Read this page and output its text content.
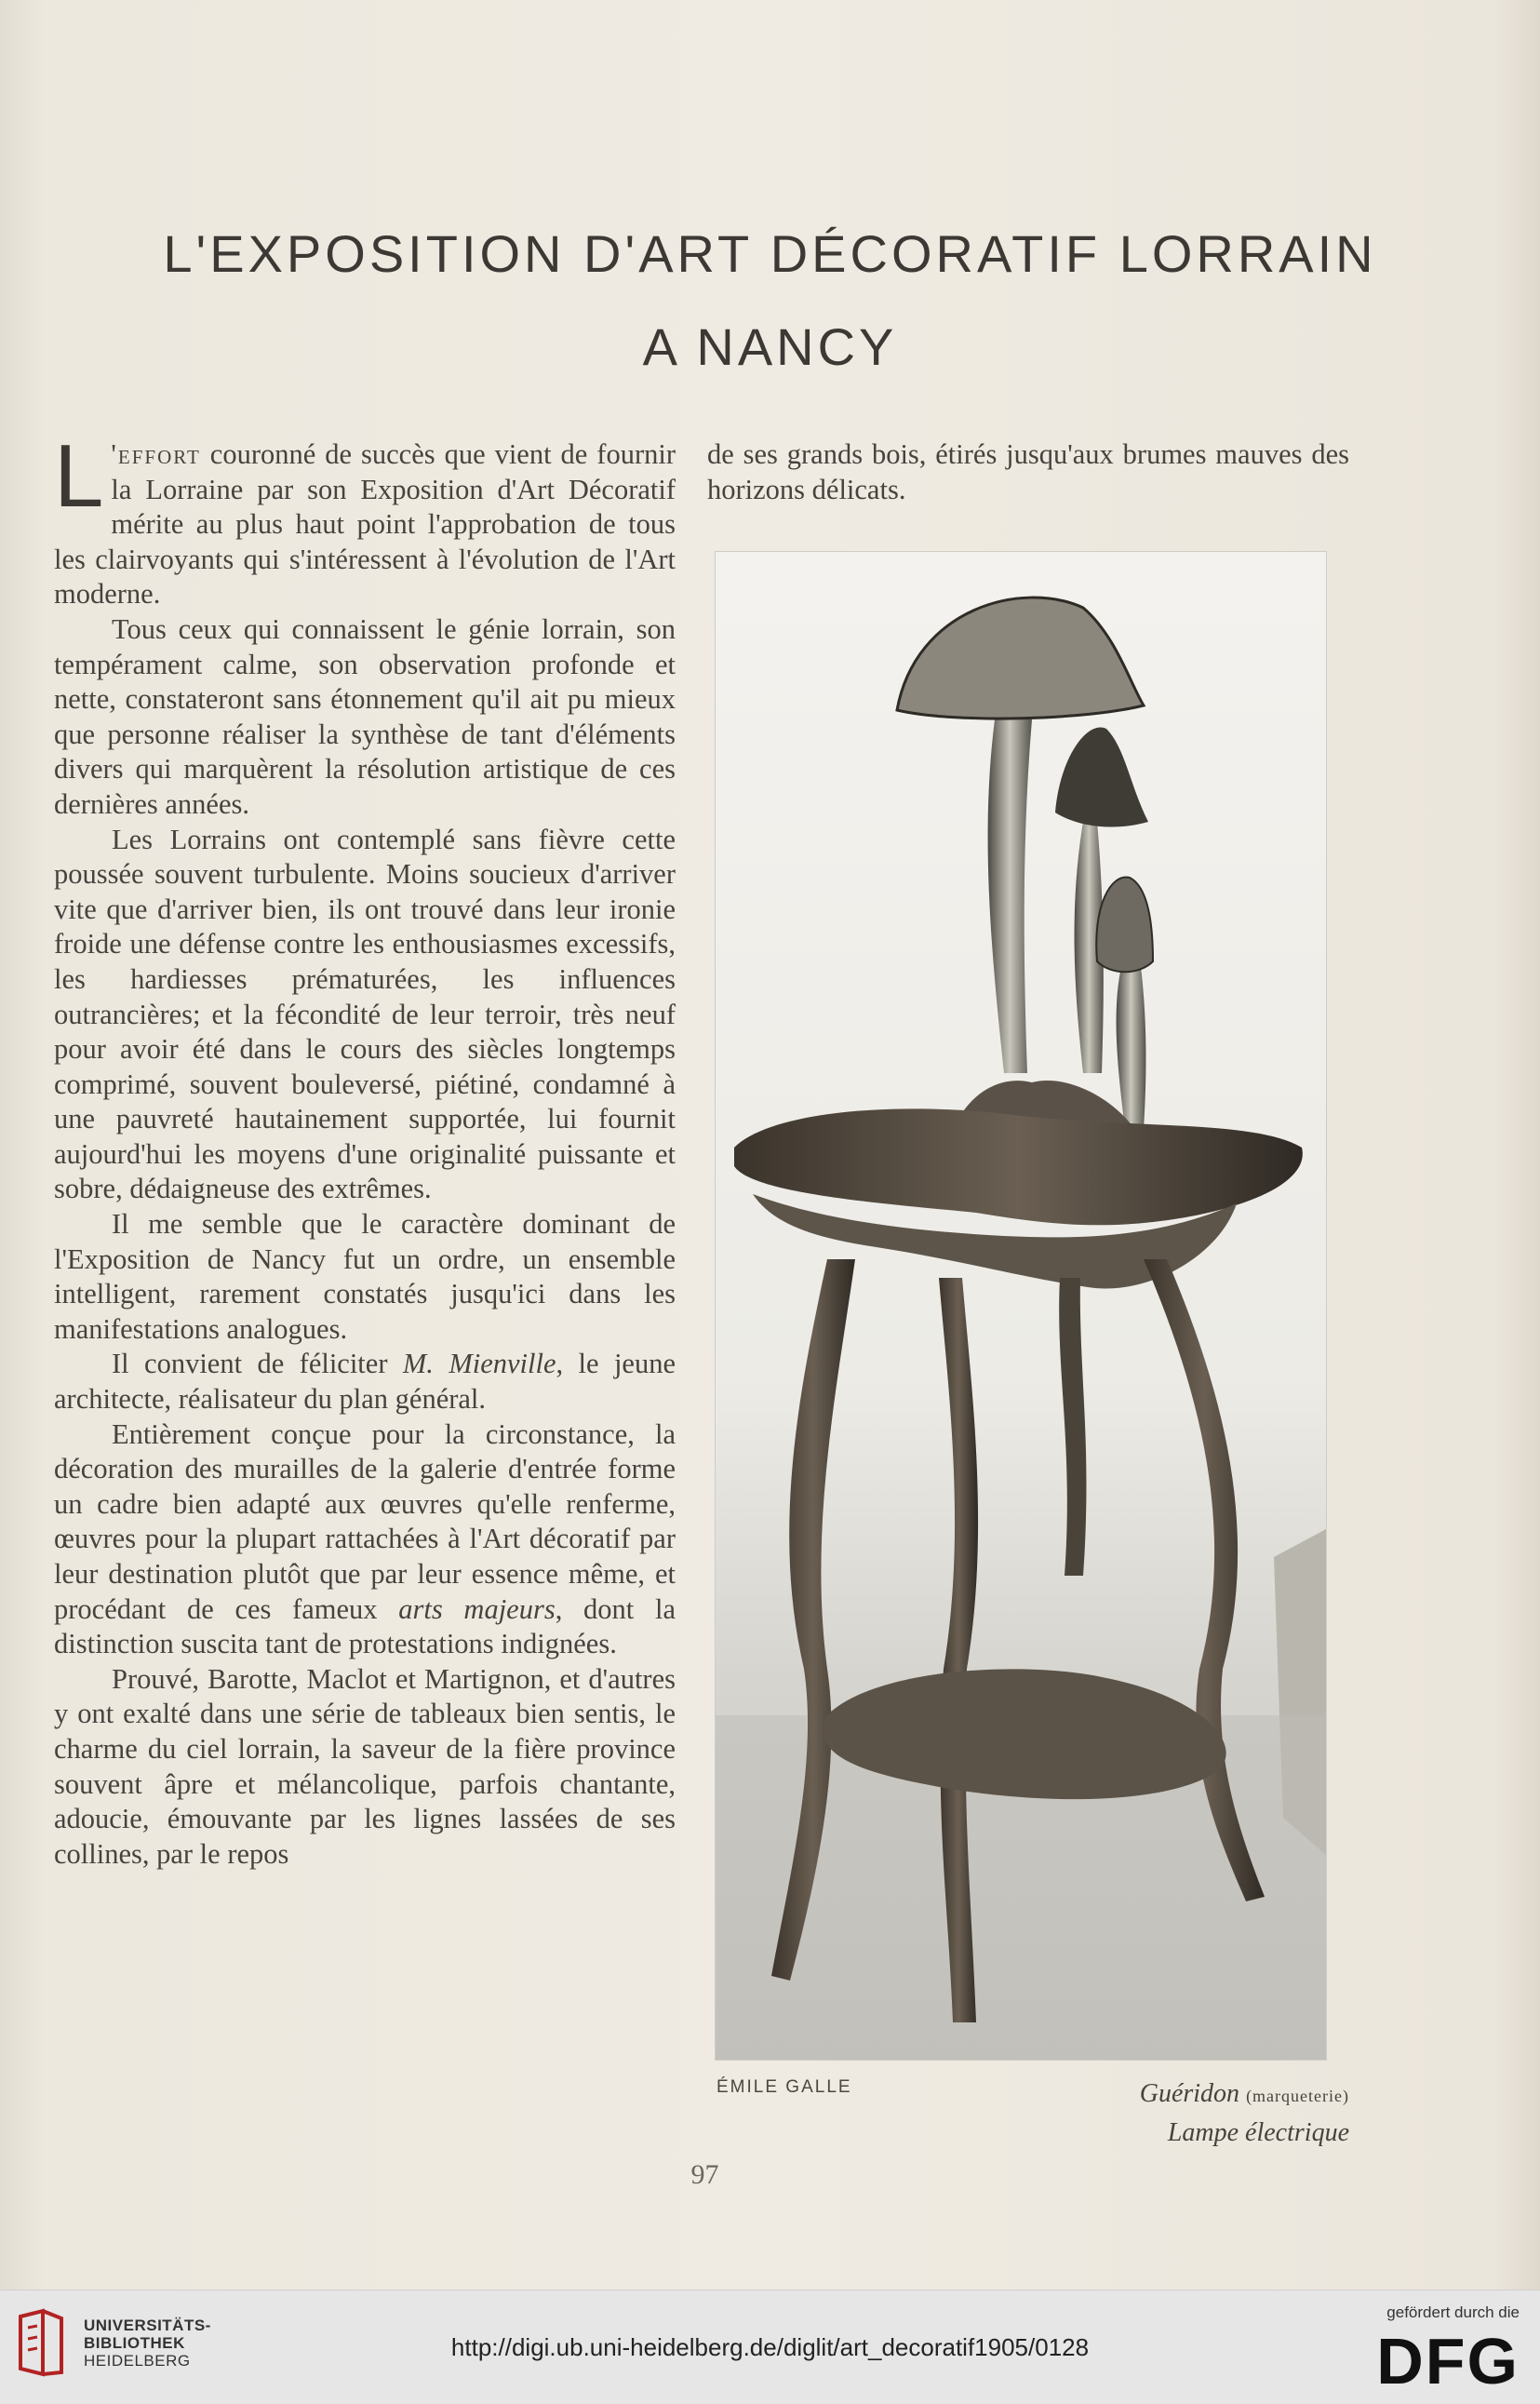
L'EXPOSITION D'ART DÉCORATIF LORRAIN
A NANCY

L 'effort couronné de succès que vient de fournir la Lorraine par son Exposition d'Art Décoratif mérite au plus haut point l'approbation de tous les clairvoyants qui s'intéressent à l'évolution de l'Art moderne.

Tous ceux qui connaissent le génie lorrain, son tempérament calme, son observation profonde et nette, constateront sans étonnement qu'il ait pu mieux que personne réaliser la synthèse de tant d'éléments divers qui marquèrent la résolution artistique de ces dernières années.

Les Lorrains ont contemplé sans fièvre cette poussée souvent turbulente. Moins soucieux d'arriver vite que d'arriver bien, ils ont trouvé dans leur ironie froide une défense contre les enthousiasmes excessifs, les hardiesses prématurées, les influences outrancières; et la fécondité de leur terroir, très neuf pour avoir été dans le cours des siècles longtemps comprimé, souvent bouleversé, piétiné, condamné à une pauvreté hautainement supportée, lui fournit aujourd'hui les moyens d'une originalité puissante et sobre, dédaigneuse des extrêmes.

Il me semble que le caractère dominant de l'Exposition de Nancy fut un ordre, un ensemble intelligent, rarement constatés jusqu'ici dans les manifestations analogues.

Il convient de féliciter M. Mienville, le jeune architecte, réalisateur du plan général.

Entièrement conçue pour la circonstance, la décoration des murailles de la galerie d'entrée forme un cadre bien adapté aux œuvres qu'elle renferme, œuvres pour la plupart rattachées à l'Art décoratif par leur destination plutôt que par leur essence même, et procédant de ces fameux arts majeurs, dont la distinction suscita tant de protestations indignées.

Prouvé, Barotte, Maclot et Martignon, et d'autres y ont exalté dans une série de tableaux bien sentis, le charme du ciel lorrain, la saveur de la fière province souvent âpre et mélancolique, parfois chantante, adoucie, émouvante par les lignes lassées de ses collines, par le repos

de ses grands bois, étirés jusqu'aux brumes mauves des horizons délicats.

ÉMILE GALLE	Guéridon (marqueterie)
Lampe électrique
97
UNIVERSITÄTS-
BIBLIOTHEK
HEIDELBERG	http://digi.ub.uni-heidelberg.de/diglit/art_decoratif1905/0128
gefördert durch die
DFG
